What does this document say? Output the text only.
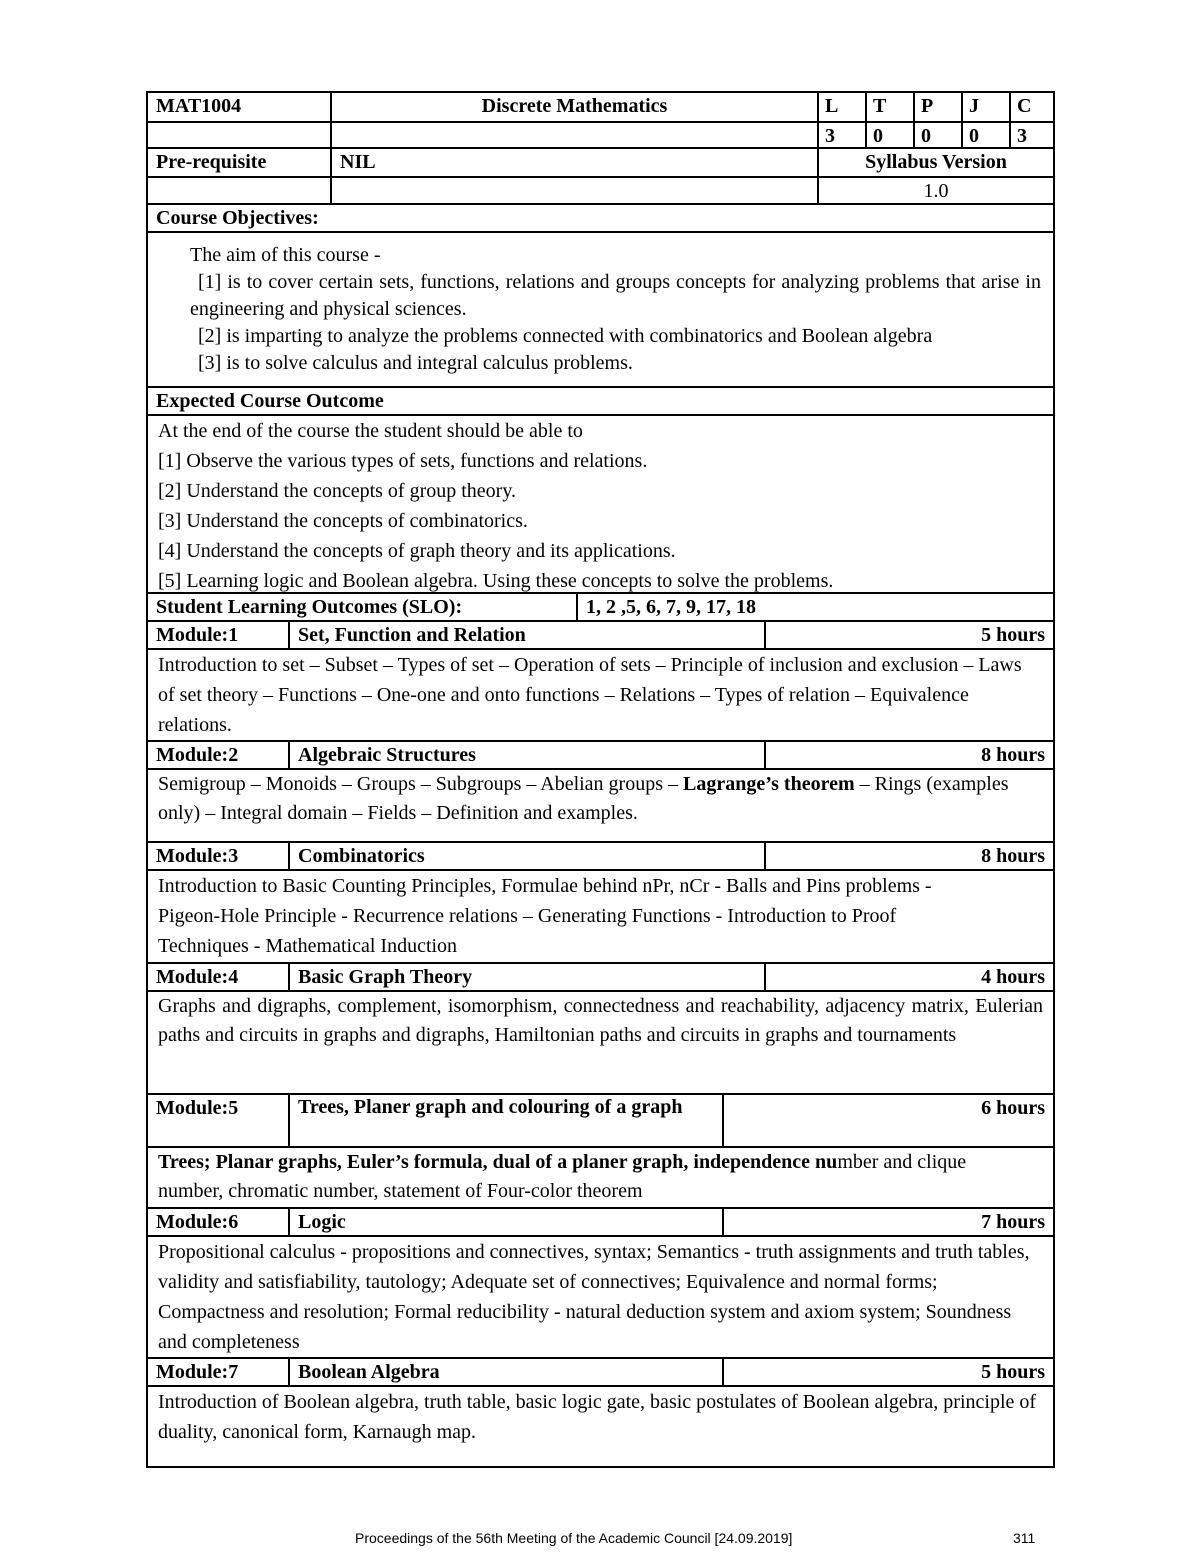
MAT1004	Discrete Mathematics	L	T	P	J	C
3	0	0	0	3
Pre-requisite	NIL	Syllabus Version
1.0
Course Objectives:

The aim of this course -

[1] is to cover certain sets, functions, relations and groups concepts for analyzing problems that arise in engineering and physical sciences.

[2] is imparting to analyze the problems connected with combinatorics and Boolean algebra

[3] is to solve calculus and integral calculus problems.

Expected Course Outcome

At the end of the course the student should be able to

[1] Observe the various types of sets, functions and relations.

[2] Understand the concepts of group theory.

[3] Understand the concepts of combinatorics.

[4] Understand the concepts of graph theory and its applications.

[5] Learning logic and Boolean algebra. Using these concepts to solve the problems.

Student Learning Outcomes (SLO):	1, 2 ,5, 6, 7, 9, 17, 18
Module:1	Set, Function and Relation	5 hours
Introduction to set – Subset – Types of set – Operation of sets – Principle of inclusion and exclusion – Laws of set theory – Functions – One-one and onto functions – Relations – Types of relation – Equivalence relations.
Module:2	Algebraic Structures	8 hours
Semigroup – Monoids – Groups – Subgroups – Abelian groups – Lagrange’s theorem – Rings (examples only) – Integral domain – Fields – Definition and examples.
Module:3	Combinatorics	8 hours
Introduction to Basic Counting Principles, Formulae behind nPr, nCr - Balls and Pins problems - Pigeon-Hole Principle - Recurrence relations – Generating Functions - Introduction to Proof Techniques - Mathematical Induction
Module:4	Basic Graph Theory	4 hours
Graphs and digraphs, complement, isomorphism, connectedness and reachability, adjacency matrix, Eulerian paths and circuits in graphs and digraphs, Hamiltonian paths and circuits in graphs and tournaments
Module:5	Trees, Planer graph and colouring of a graph	6 hours
Trees; Planar graphs, Euler’s formula, dual of a planer graph, independence number and clique number, chromatic number, statement of Four-color theorem
Module:6	Logic	7 hours
Propositional calculus - propositions and connectives, syntax; Semantics - truth assignments and truth tables, validity and satisfiability, tautology; Adequate set of connectives; Equivalence and normal forms; Compactness and resolution; Formal reducibility - natural deduction system and axiom system; Soundness and completeness
Module:7	Boolean Algebra	5 hours
Introduction of Boolean algebra, truth table, basic logic gate, basic postulates of Boolean algebra, principle of duality, canonical form, Karnaugh map.
Proceedings of the 56th Meeting of the Academic Council [24.09.2019]	311
